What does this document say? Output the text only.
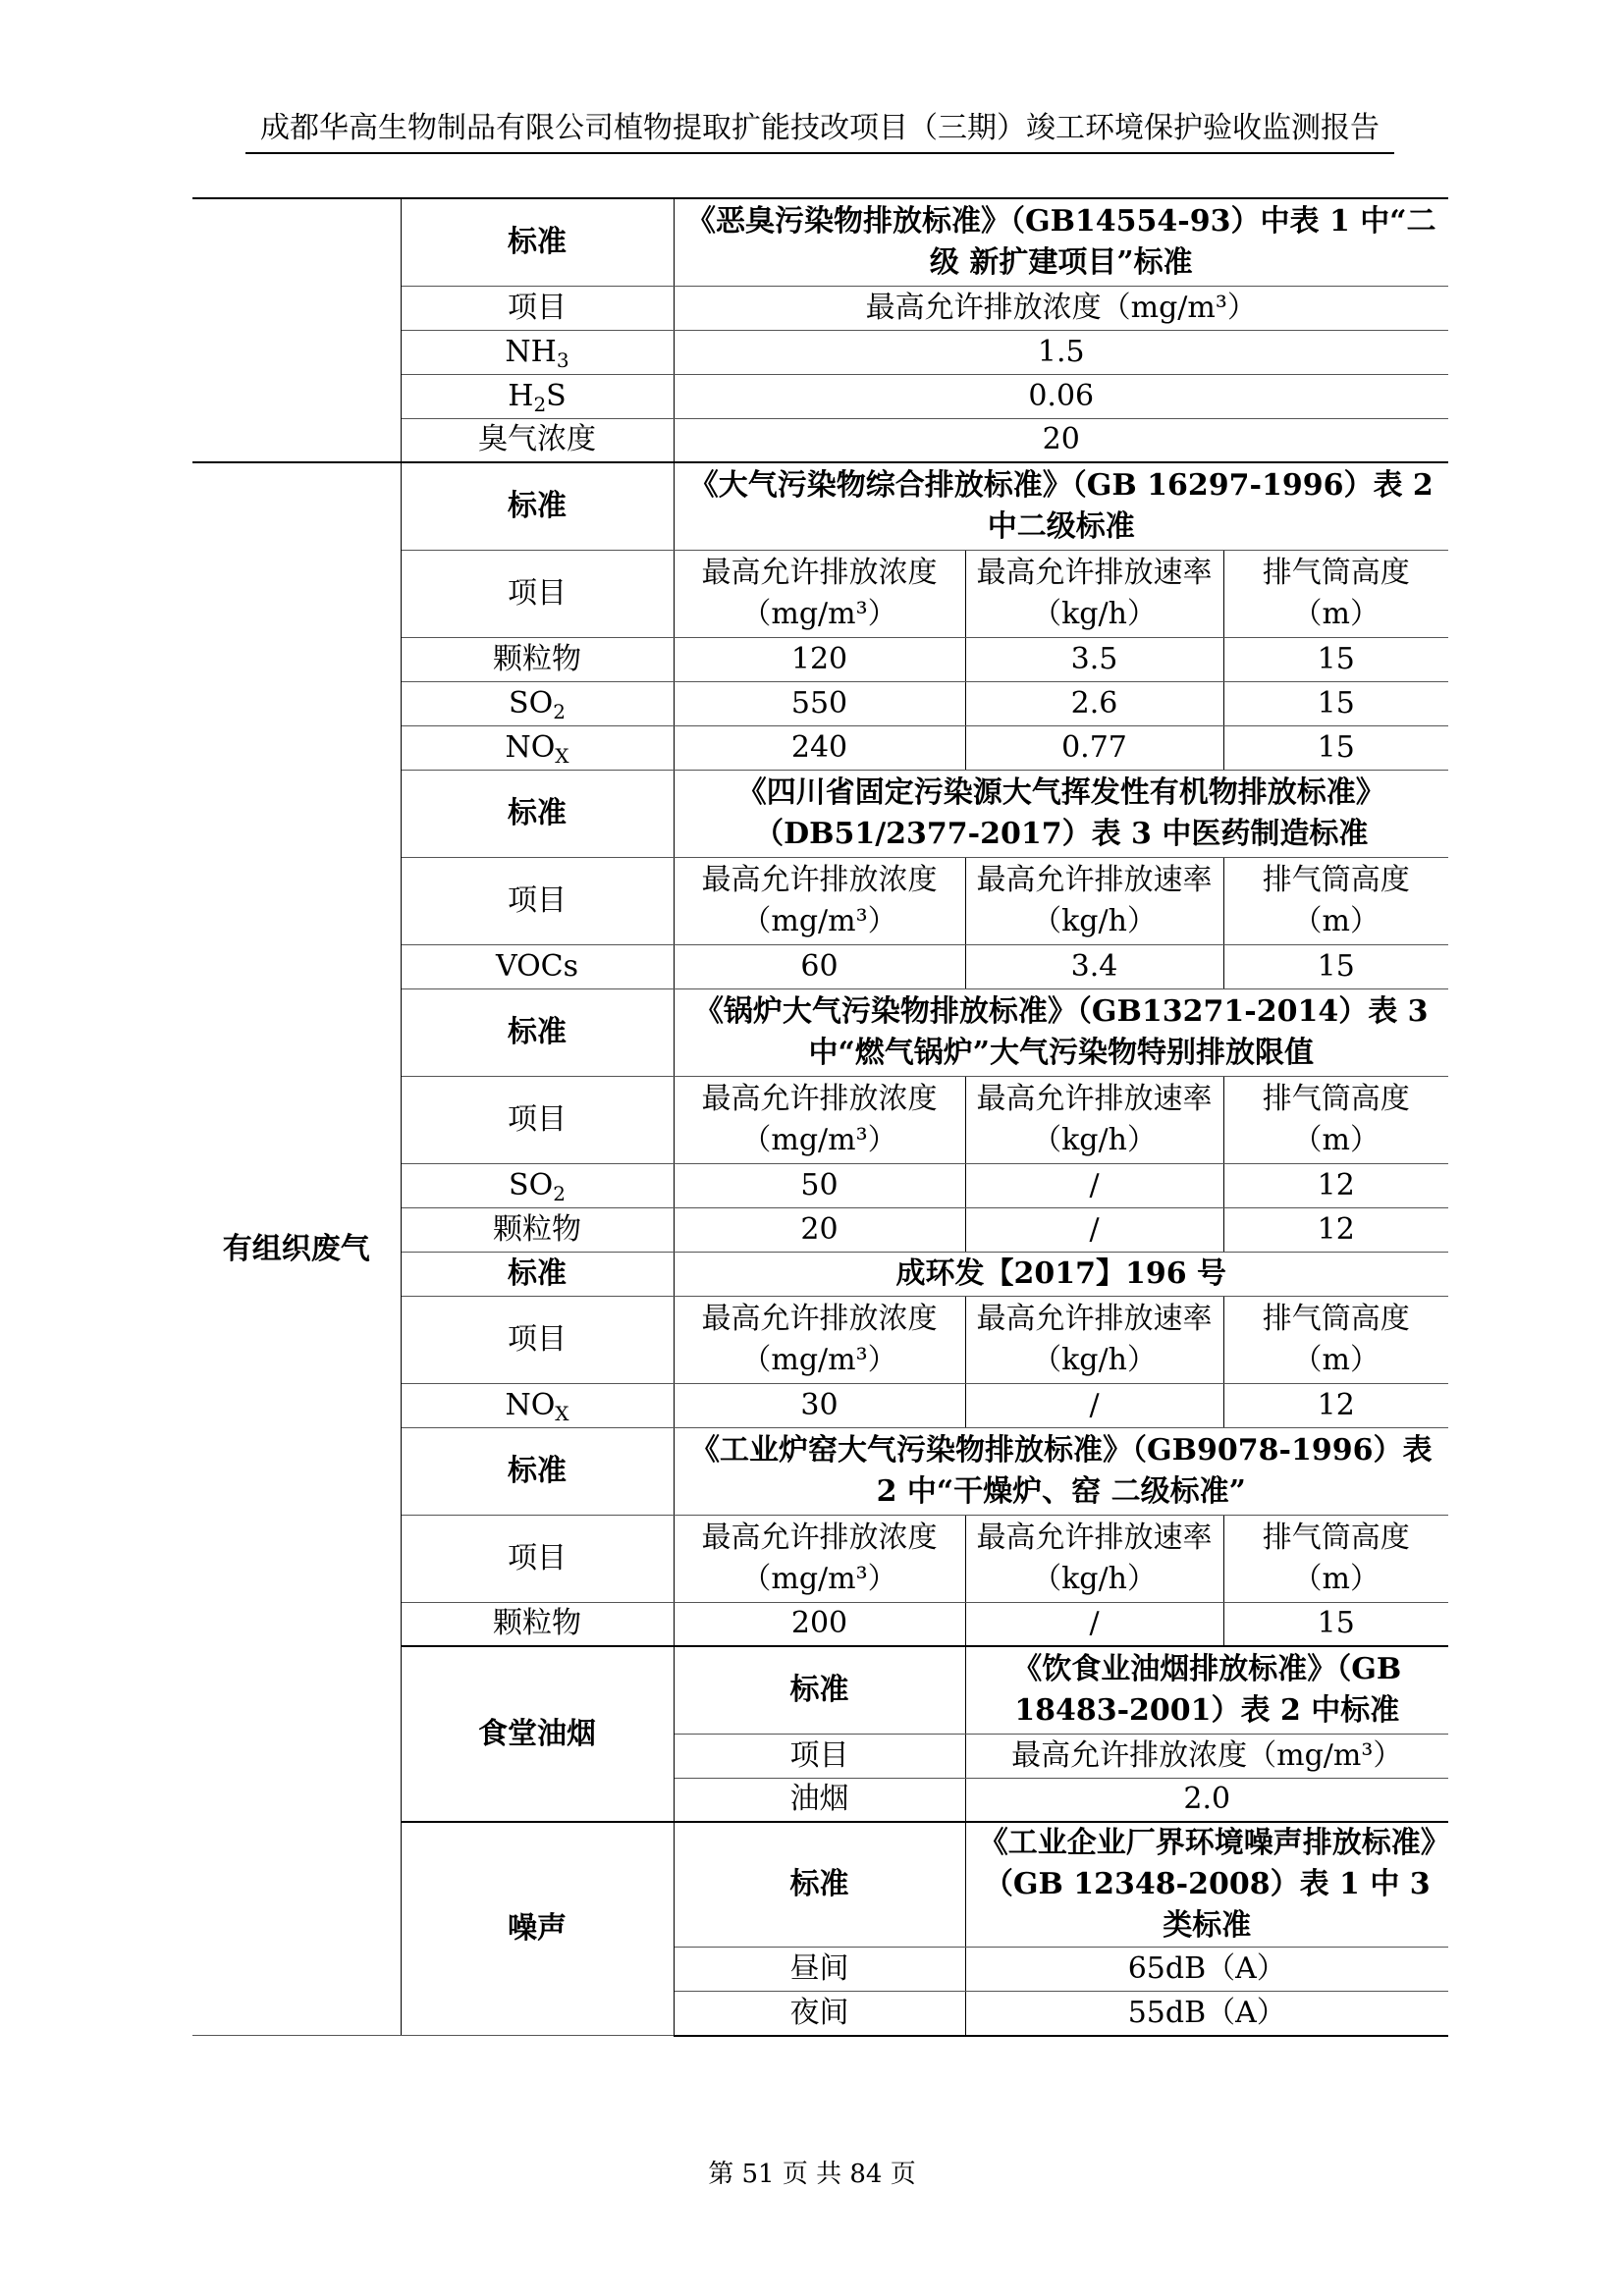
成都华高生物制品有限公司植物提取扩能技改项目（三期）竣工环境保护验收监测报告
	标准	《恶臭污染物排放标准》（GB14554-93）中表 1 中“二级 新扩建项目”标准		
	项目	最高允许排放浓度（mg/m³）		
	$NH_3$	1.5		
	$H_2S$	0.06		
	臭气浓度	20		
有组织废气	标准	《大气污染物综合排放标准》（GB 16297-1996）表 2 中二级标准		
	项目	最高允许排放浓度（mg/m³）	最高允许排放速率（kg/h）	排气筒高度（m）
	颗粒物	120	3.5	15
	$SO_2$	550	2.6	15
	$NO_X$	240	0.77	15
	标准	《四川省固定污染源大气挥发性有机物排放标准》（DB51/2377-2017）表 3 中医药制造标准		
	项目	最高允许排放浓度（mg/m³）	最高允许排放速率（kg/h）	排气筒高度（m）
	VOCs	60	3.4	15
	标准	《锅炉大气污染物排放标准》（GB13271-2014）表 3 中“燃气锅炉”大气污染物特别排放限值		
	项目	最高允许排放浓度（mg/m³）	最高允许排放速率（kg/h）	排气筒高度（m）
	$SO_2$	50	/	12
	颗粒物	20	/	12
	标准	成环发【2017】196 号		
	项目	最高允许排放浓度（mg/m³）	最高允许排放速率（kg/h）	排气筒高度（m）
	$NO_X$	30	/	12
	标准	《工业炉窑大气污染物排放标准》（GB9078-1996）表 2 中“干燥炉、窑 二级标准”		
	项目	最高允许排放浓度（mg/m³）	最高允许排放速率（kg/h）	排气筒高度（m）
	颗粒物	200	/	15
	食堂油烟	标准	《饮食业油烟排放标准》（GB 18483-2001）表 2 中标准	
		项目	最高允许排放浓度（mg/m³）	
		油烟	2.0	
	噪声	标准	《工业企业厂界环境噪声排放标准》（GB 12348-2008）表 1 中 3 类标准	
		昼间	65dB（A）	
		夜间	55dB（A）	
第 51 页 共 84 页
